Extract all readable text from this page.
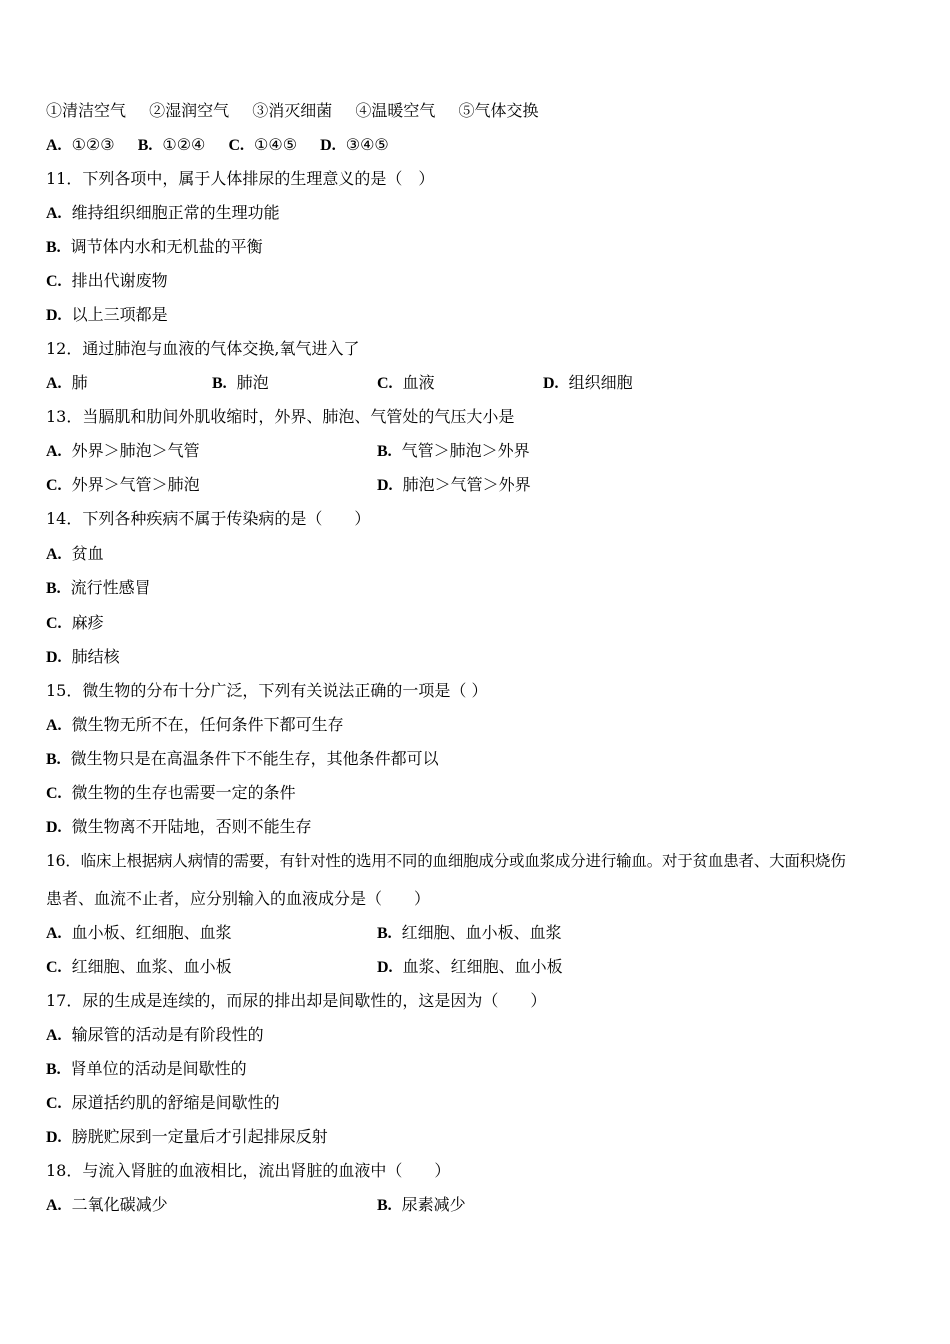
①清洁空气 ②湿润空气 ③消灭细菌 ④温暖空气 ⑤气体交换
A. ①②③ B. ①②④ C. ①④⑤ D. ③④⑤
11．下列各项中，属于人体排尿的生理意义的是（　）
A. 维持组织细胞正常的生理功能
B. 调节体内水和无机盐的平衡
C. 排出代谢废物
D. 以上三项都是
12．通过肺泡与血液的气体交换,氧气进入了
A. 肺	B. 肺泡	C. 血液	D. 组织细胞
13．当膈肌和肋间外肌收缩时，外界、肺泡、气管处的气压大小是
A. 外界＞肺泡＞气管	B. 气管＞肺泡＞外界
C. 外界＞气管＞肺泡	D. 肺泡＞气管＞外界
14．下列各种疾病不属于传染病的是（　　）
A. 贫血
B. 流行性感冒
C. 麻疹
D. 肺结核
15．微生物的分布十分广泛，下列有关说法正确的一项是（ ）
A. 微生物无所不在，任何条件下都可生存
B. 微生物只是在高温条件下不能生存，其他条件都可以
C. 微生物的生存也需要一定的条件
D. 微生物离不开陆地，否则不能生存
16．临床上根据病人病情的需要，有针对性的选用不同的血细胞成分或血浆成分进行输血。对于贫血患者、大面积烧伤
患者、血流不止者，应分别输入的血液成分是（　　）
A. 血小板、红细胞、血浆	B. 红细胞、血小板、血浆
C. 红细胞、血浆、血小板	D. 血浆、红细胞、血小板
17．尿的生成是连续的，而尿的排出却是间歇性的，这是因为（　　）
A. 输尿管的活动是有阶段性的
B. 肾单位的活动是间歇性的
C. 尿道括约肌的舒缩是间歇性的
D. 膀胱贮尿到一定量后才引起排尿反射
18．与流入肾脏的血液相比，流出肾脏的血液中（　　）
A. 二氧化碳减少	B. 尿素减少
